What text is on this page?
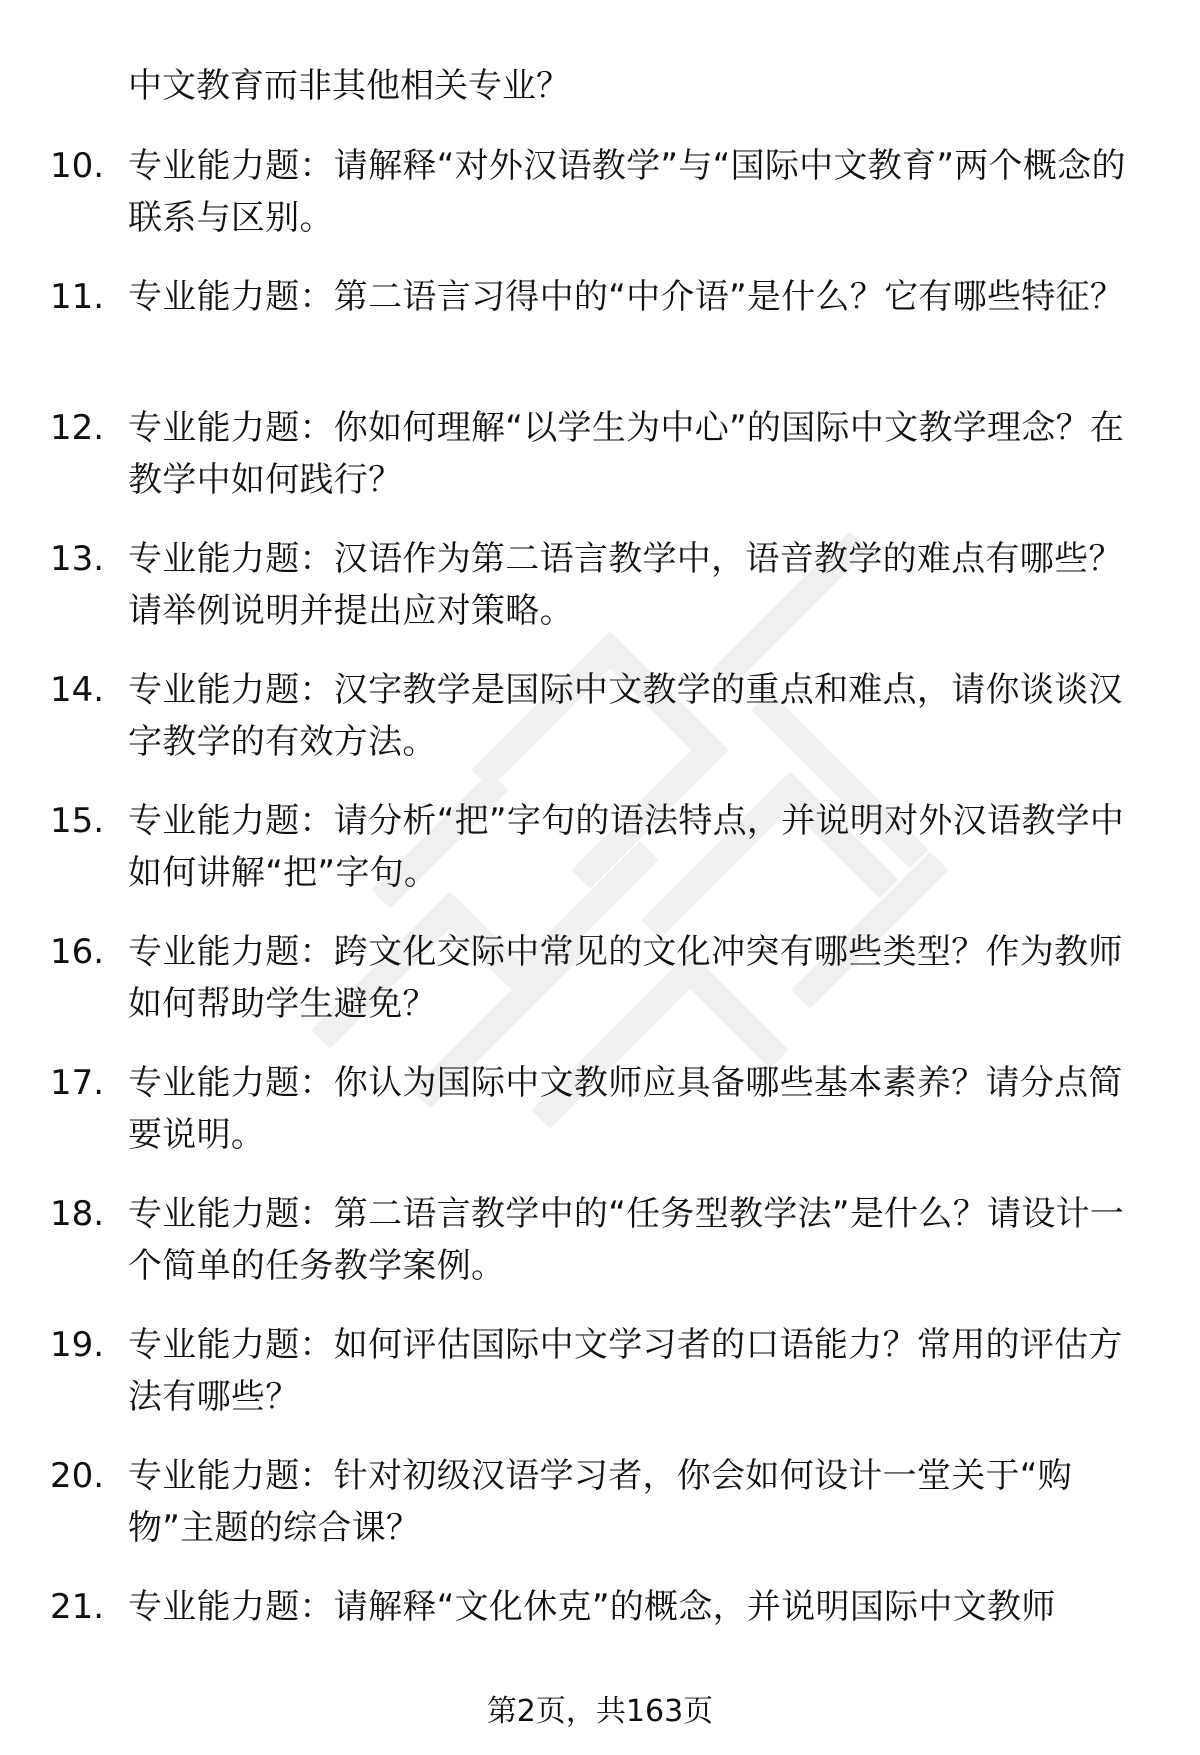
中文教育而非其他相关专业？
10. 专业能力题：请解释“对外汉语教学”与“国际中文教育”两个概念的联系与区别。
11. 专业能力题：第二语言习得中的“中介语”是什么？它有哪些特征？
12. 专业能力题：你如何理解“以学生为中心”的国际中文教学理念？在教学中如何践行？
13. 专业能力题：汉语作为第二语言教学中，语音教学的难点有哪些？请举例说明并提出应对策略。
14. 专业能力题：汉字教学是国际中文教学的重点和难点，请你谈谈汉字教学的有效方法。
15. 专业能力题：请分析“把”字句的语法特点，并说明对外汉语教学中如何讲解“把”字句。
16. 专业能力题：跨文化交际中常见的文化冲突有哪些类型？作为教师如何帮助学生避免？
17. 专业能力题：你认为国际中文教师应具备哪些基本素养？请分点简要说明。
18. 专业能力题：第二语言教学中的“任务型教学法”是什么？请设计一个简单的任务教学案例。
19. 专业能力题：如何评估国际中文学习者的口语能力？常用的评估方法有哪些？
20. 专业能力题：针对初级汉语学习者，你会如何设计一堂关于“购物”主题的综合课？
21. 专业能力题：请解释“文化休克”的概念，并说明国际中文教师
第2页，共163页
